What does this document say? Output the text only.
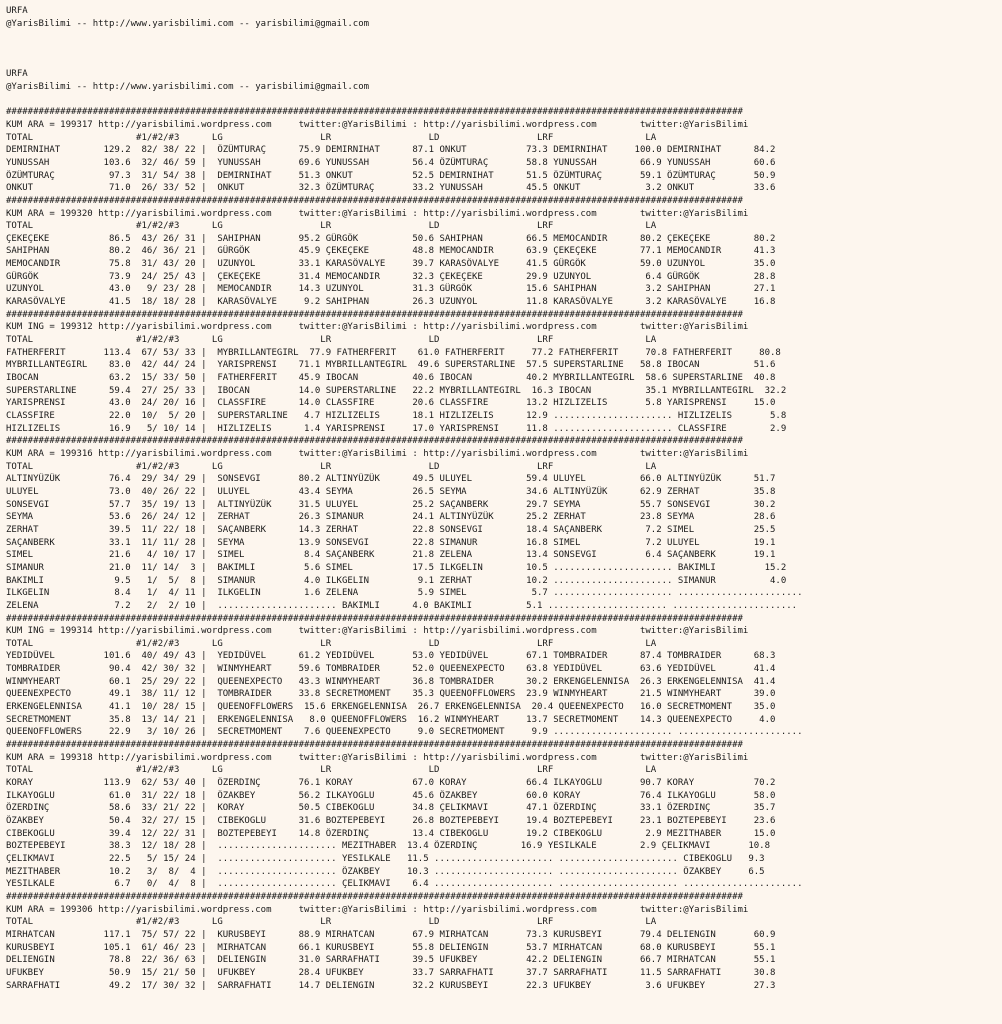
URFA
@YarisBilimi -- http://www.yarisbilimi.com -- yarisbilimi@gmail.com

URFA
@YarisBilimi -- http://www.yarisbilimi.com -- yarisbilimi@gmail.com

########################################################################################################################################
KUM ARA = 199317 http://yarisbilimi.wordpress.com     twitter:@YarisBilimi : http://yarisbilimi.wordpress.com        twitter:@YarisBilimi
TOTAL                   #1/#2/#3      LG                  LR                  LD                  LRF                 LA
DEMIRNIHAT        129.2  82/ 38/ 22 |  ÖZÜMTURAÇ      75.9 DEMIRNIHAT      87.1 ONKUT           73.3 DEMIRNIHAT     100.0 DEMIRNIHAT      84.2
YUNUSSAH          103.6  32/ 46/ 59 |  YUNUSSAH       69.6 YUNUSSAH        56.4 ÖZÜMTURAÇ       58.8 YUNUSSAH        66.9 YUNUSSAH        60.6
ÖZÜMTURAÇ          97.3  31/ 54/ 38 |  DEMIRNIHAT     51.3 ONKUT           52.5 DEMIRNIHAT      51.5 ÖZÜMTURAÇ       59.1 ÖZÜMTURAÇ       50.9
ONKUT              71.0  26/ 33/ 52 |  ONKUT          32.3 ÖZÜMTURAÇ       33.2 YUNUSSAH        45.5 ONKUT            3.2 ONKUT           33.6
########################################################################################################################################
KUM ARA = 199320 http://yarisbilimi.wordpress.com     twitter:@YarisBilimi : http://yarisbilimi.wordpress.com        twitter:@YarisBilimi
TOTAL                   #1/#2/#3      LG                  LR                  LD                  LRF                 LA
ÇEKEÇEKE           86.5  43/ 26/ 31 |  SAHIPHAN       95.2 GÜRGÖK          50.6 SAHIPHAN        66.5 MEMOCANDIR      80.2 ÇEKEÇEKE        80.2
SAHIPHAN           80.2  46/ 36/ 21 |  GÜRGÖK         45.9 ÇEKEÇEKE        48.8 MEMOCANDIR      63.9 ÇEKEÇEKE        77.1 MEMOCANDIR      41.3
MEMOCANDIR         75.8  31/ 43/ 20 |  UZUNYOL        33.1 KARASÖVALYE     39.7 KARASÖVALYE     41.5 GÜRGÖK          59.0 UZUNYOL         35.0
GÜRGÖK             73.9  24/ 25/ 43 |  ÇEKEÇEKE       31.4 MEMOCANDIR      32.3 ÇEKEÇEKE        29.9 UZUNYOL          6.4 GÜRGÖK          28.8
UZUNYOL            43.0   9/ 23/ 28 |  MEMOCANDIR     14.3 UZUNYOL         31.3 GÜRGÖK          15.6 SAHIPHAN         3.2 SAHIPHAN        27.1
KARASÖVALYE        41.5  18/ 18/ 28 |  KARASÖVALYE     9.2 SAHIPHAN        26.3 UZUNYOL         11.8 KARASÖVALYE      3.2 KARASÖVALYE     16.8
########################################################################################################################################
KUM ING = 199312 http://yarisbilimi.wordpress.com     twitter:@YarisBilimi : http://yarisbilimi.wordpress.com        twitter:@YarisBilimi
TOTAL                   #1/#2/#3      LG                  LR                  LD                  LRF                 LA
FATHERFERIT       113.4  67/ 53/ 33 |  MYBRILLANTEGIRL  77.9 FATHERFERIT    61.0 FATHERFERIT     77.2 FATHERFERIT     70.8 FATHERFERIT     80.8
MYBRILLANTEGIRL    83.0  42/ 44/ 24 |  YARISPRENSI    71.1 MYBRILLANTEGIRL  49.6 SUPERSTARLINE  57.5 SUPERSTARLINE   58.8 IBOCAN          51.6
IBOCAN             63.2  15/ 33/ 50 |  FATHERFERIT    45.9 IBOCAN          40.6 IBOCAN          40.2 MYBRILLANTEGIRL  58.6 SUPERSTARLINE  40.8
SUPERSTARLINE      59.4  27/ 25/ 33 |  IBOCAN         14.0 SUPERSTARLINE   22.2 MYBRILLANTEGIRL  16.3 IBOCAN          35.1 MYBRILLANTEGIRL  32.2
YARISPRENSI        43.0  24/ 20/ 16 |  CLASSFIRE      14.0 CLASSFIRE       20.6 CLASSFIRE       13.2 HIZLIZELIS       5.8 YARISPRENSI     15.0
CLASSFIRE          22.0  10/  5/ 20 |  SUPERSTARLINE   4.7 HIZLIZELIS      18.1 HIZLIZELIS      12.9 ...................... HIZLIZELIS       5.8
HIZLIZELIS         16.9   5/ 10/ 14 |  HIZLIZELIS      1.4 YARISPRENSI     17.0 YARISPRENSI     11.8 ...................... CLASSFIRE        2.9
########################################################################################################################################
KUM ARA = 199316 http://yarisbilimi.wordpress.com     twitter:@YarisBilimi : http://yarisbilimi.wordpress.com        twitter:@YarisBilimi
TOTAL                   #1/#2/#3      LG                  LR                  LD                  LRF                 LA
ALTINYÜZÜK         76.4  29/ 34/ 29 |  SONSEVGI       80.2 ALTINYÜZÜK      49.5 ULUYEL          59.4 ULUYEL          66.0 ALTINYÜZÜK      51.7
ULUYEL             73.0  40/ 26/ 22 |  ULUYEL         43.4 SEYMA           26.5 SEYMA           34.6 ALTINYÜZÜK      62.9 ZERHAT          35.8
SONSEVGI           57.7  35/ 19/ 13 |  ALTINYÜZÜK     31.5 ULUYEL          25.2 SAÇANBERK       29.7 SEYMA           55.7 SONSEVGI        30.2
SEYMA              53.6  26/ 24/ 12 |  ZERHAT         26.3 SIMANUR         24.1 ALTINYÜZÜK      25.2 ZERHAT          23.8 SEYMA           28.6
ZERHAT             39.5  11/ 22/ 18 |  SAÇANBERK      14.3 ZERHAT          22.8 SONSEVGI        18.4 SAÇANBERK        7.2 SIMEL           25.5
SAÇANBERK          33.1  11/ 11/ 28 |  SEYMA          13.9 SONSEVGI        22.8 SIMANUR         16.8 SIMEL            7.2 ULUYEL          19.1
SIMEL              21.6   4/ 10/ 17 |  SIMEL           8.4 SAÇANBERK       21.8 ZELENA          13.4 SONSEVGI         6.4 SAÇANBERK       19.1
SIMANUR            21.0  11/ 14/  3 |  BAKIMLI         5.6 SIMEL           17.5 ILKGELIN        10.5 ...................... BAKIMLI         15.2
BAKIMLI             9.5   1/  5/  8 |  SIMANUR         4.0 ILKGELIN         9.1 ZERHAT          10.2 ...................... SIMANUR          4.0
ILKGELIN            8.4   1/  4/ 11 |  ILKGELIN        1.6 ZELENA           5.9 SIMEL            5.7 ...................... .......................
ZELENA              7.2   2/  2/ 10 |  ...................... BAKIMLI      4.0 BAKIMLI          5.1 ...................... .......................
########################################################################################################################################
KUM ING = 199314 http://yarisbilimi.wordpress.com     twitter:@YarisBilimi : http://yarisbilimi.wordpress.com        twitter:@YarisBilimi
TOTAL                   #1/#2/#3      LG                  LR                  LD                  LRF                 LA
YEDIDÜVEL         101.6  40/ 49/ 43 |  YEDIDÜVEL      61.2 YEDIDÜVEL       53.0 YEDIDÜVEL       67.1 TOMBRAIDER      87.4 TOMBRAIDER      68.3
TOMBRAIDER         90.4  42/ 30/ 32 |  WINMYHEART     59.6 TOMBRAIDER      52.0 QUEENEXPECTO    63.8 YEDIDÜVEL       63.6 YEDIDÜVEL       41.4
WINMYHEART         60.1  25/ 29/ 22 |  QUEENEXPECTO   43.3 WINMYHEART      36.8 TOMBRAIDER      30.2 ERKENGELENNISA  26.3 ERKENGELENNISA  41.4
QUEENEXPECTO       49.1  38/ 11/ 12 |  TOMBRAIDER     33.8 SECRETMOMENT    35.3 QUEENOFFLOWERS  23.9 WINMYHEART      21.5 WINMYHEART      39.0
ERKENGELENNISA     41.1  10/ 28/ 15 |  QUEENOFFLOWERS  15.6 ERKENGELENNISA  26.7 ERKENGELENNISA  20.4 QUEENEXPECTO   16.0 SECRETMOMENT    35.0
SECRETMOMENT       35.8  13/ 14/ 21 |  ERKENGELENNISA   8.0 QUEENOFFLOWERS  16.2 WINMYHEART     13.7 SECRETMOMENT    14.3 QUEENEXPECTO     4.0
QUEENOFFLOWERS     22.9   3/ 10/ 26 |  SECRETMOMENT    7.6 QUEENEXPECTO     9.0 SECRETMOMENT     9.9 ...................... .......................
########################################################################################################################################
KUM ARA = 199318 http://yarisbilimi.wordpress.com     twitter:@YarisBilimi : http://yarisbilimi.wordpress.com        twitter:@YarisBilimi
TOTAL                   #1/#2/#3      LG                  LR                  LD                  LRF                 LA
KORAY             113.9  62/ 53/ 40 |  ÖZERDINÇ       76.1 KORAY           67.0 KORAY           66.4 ILKAYOGLU       90.7 KORAY           70.2
ILKAYOGLU          61.0  31/ 22/ 18 |  ÖZAKBEY        56.2 ILKAYOGLU       45.6 ÖZAKBEY         60.0 KORAY           76.4 ILKAYOGLU       58.0
ÖZERDINÇ           58.6  33/ 21/ 22 |  KORAY          50.5 CIBEKOGLU       34.8 ÇELIKMAVI       47.1 ÖZERDINÇ        33.1 ÖZERDINÇ        35.7
ÖZAKBEY            50.4  32/ 27/ 15 |  CIBEKOGLU      31.6 BOZTEPEBEYI     26.8 BOZTEPEBEYI     19.4 BOZTEPEBEYI     23.1 BOZTEPEBEYI     23.6
CIBEKOGLU          39.4  12/ 22/ 31 |  BOZTEPEBEYI    14.8 ÖZERDINÇ        13.4 CIBEKOGLU       19.2 CIBEKOGLU        2.9 MEZITHABER      15.0
BOZTEPEBEYI        38.3  12/ 18/ 28 |  ...................... MEZITHABER  13.4 ÖZERDINÇ        16.9 YESILKALE        2.9 ÇELIKMAVI       10.8
ÇELIKMAVI          22.5   5/ 15/ 24 |  ...................... YESILKALE   11.5 ...................... ...................... CIBEKOGLU   9.3
MEZITHABER         10.2   3/  8/  4 |  ...................... ÖZAKBEY     10.3 ...................... ...................... ÖZAKBEY     6.5
YESILKALE           6.7   0/  4/  8 |  ...................... ÇELIKMAVI    6.4 ...................... ...................... ......................
########################################################################################################################################
KUM ARA = 199306 http://yarisbilimi.wordpress.com     twitter:@YarisBilimi : http://yarisbilimi.wordpress.com        twitter:@YarisBilimi
TOTAL                   #1/#2/#3      LG                  LR                  LD                  LRF                 LA
MIRHATCAN         117.1  75/ 57/ 22 |  KURUSBEYI      88.9 MIRHATCAN       67.9 MIRHATCAN       73.3 KURUSBEYI       79.4 DELIENGIN       60.9
KURUSBEYI         105.1  61/ 46/ 23 |  MIRHATCAN      66.1 KURUSBEYI       55.8 DELIENGIN       53.7 MIRHATCAN       68.0 KURUSBEYI       55.1
DELIENGIN          78.8  22/ 36/ 63 |  DELIENGIN      31.0 SARRAFHATI      39.5 UFUKBEY         42.2 DELIENGIN       66.7 MIRHATCAN       55.1
UFUKBEY            50.9  15/ 21/ 50 |  UFUKBEY        28.4 UFUKBEY         33.7 SARRAFHATI      37.7 SARRAFHATI      11.5 SARRAFHATI      30.8
SARRAFHATI         49.2  17/ 30/ 32 |  SARRAFHATI     14.7 DELIENGIN       32.2 KURUSBEYI       22.3 UFUKBEY          3.6 UFUKBEY         27.3
